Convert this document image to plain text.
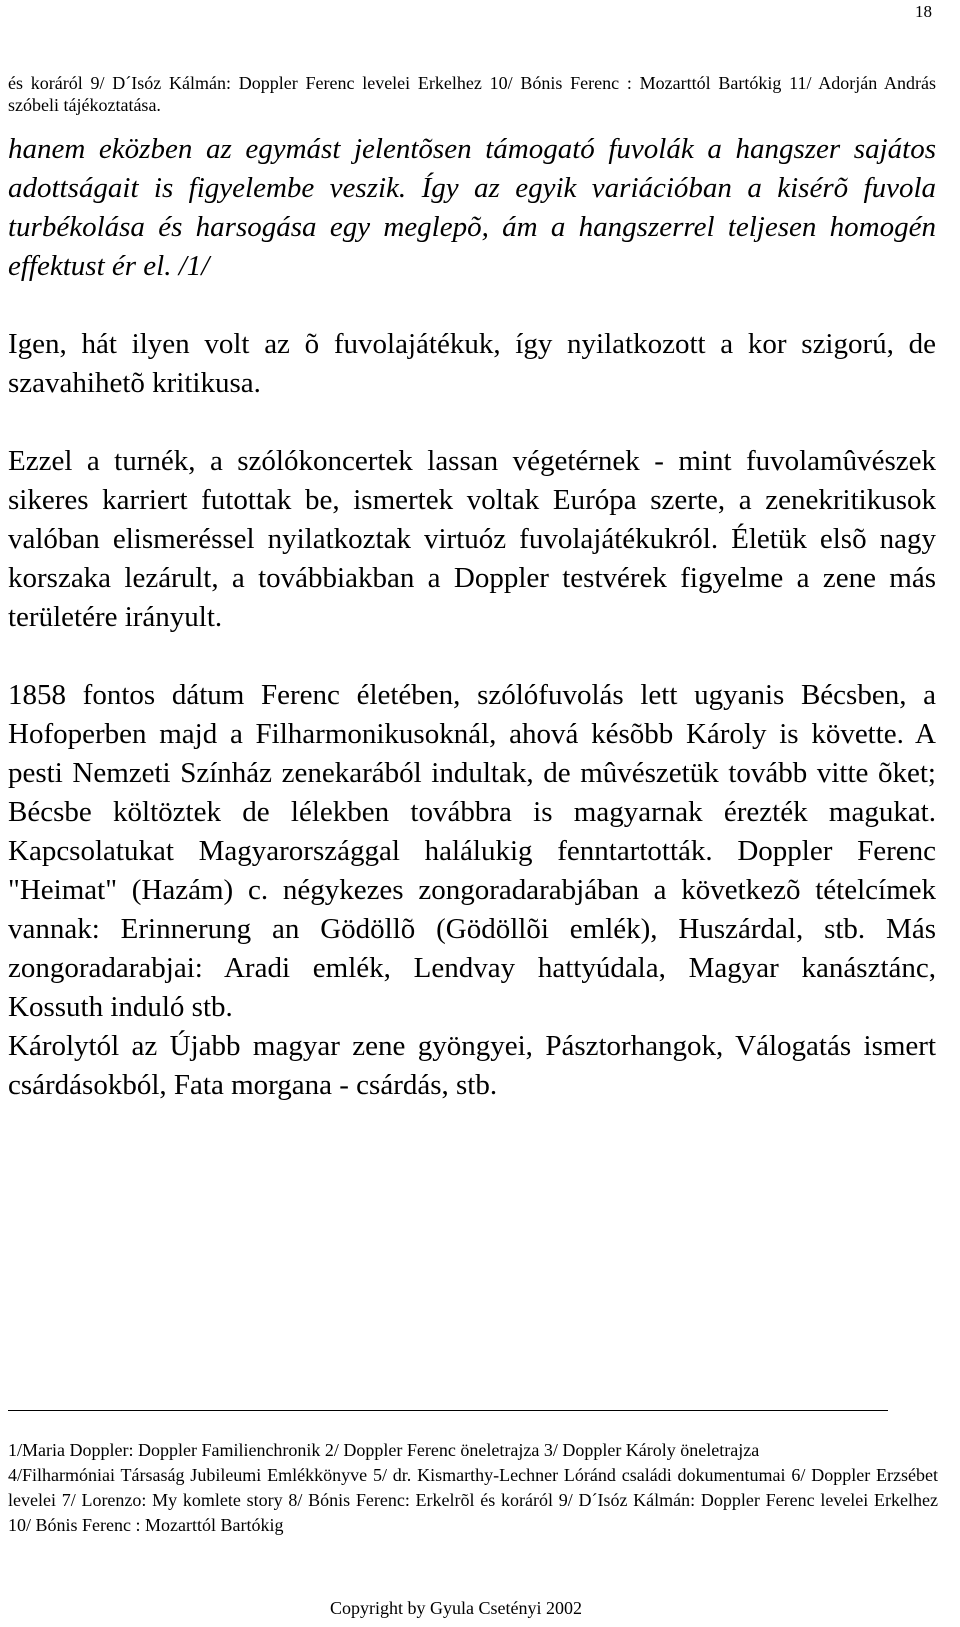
18
és koráról 9/ D´Isóz Kálmán: Doppler Ferenc levelei Erkelhez 10/ Bónis Ferenc : Mozarttól Bartókig 11/ Adorján András szóbeli tájékoztatása.

hanem eközben az egymást jelentõsen támogató fuvolák a hangszer sajátos adottságait is figyelembe veszik. Így az egyik variációban a kisérõ fuvola turbékolása és harsogása egy meglepõ, ám a hangszerrel teljesen homogén effektust ér el. /1/

Igen, hát ilyen volt az õ fuvolajátékuk, így nyilatkozott a kor szigorú, de szavahihetõ kritikusa.

Ezzel a turnék, a szólókoncertek lassan végetérnek - mint fuvolamûvészek sikeres karriert futottak be, ismertek voltak Európa szerte, a zenekritikusok valóban elismeréssel nyilatkoztak virtuóz fuvolajátékukról. Életük elsõ nagy korszaka lezárult, a továbbiakban a Doppler testvérek figyelme a zene más területére irányult.

1858 fontos dátum Ferenc életében, szólófuvolás lett ugyanis Bécsben, a Hofoperben majd a Filharmonikusoknál, ahová késõbb Károly is követte. A pesti Nemzeti Színház zenekarából indultak, de mûvészetük tovább vitte õket; Bécsbe költöztek de lélekben továbbra is magyarnak érezték magukat. Kapcsolatukat Magyarországgal halálukig fenntartották. Doppler Ferenc "Heimat" (Hazám) c. négykezes zongoradarabjában a következõ tételcímek vannak: Erinnerung an Gödöllõ (Gödöllõi emlék), Huszárdal, stb. Más zongoradarabjai: Aradi emlék, Lendvay hattyúdala, Magyar kanásztánc, Kossuth induló stb.

Károlytól az Újabb magyar zene gyöngyei, Pásztorhangok, Válogatás ismert csárdásokból, Fata morgana - csárdás, stb.

1/Maria Doppler: Doppler Familienchronik 2/ Doppler Ferenc öneletrajza 3/ Doppler Károly öneletrajza

4/Filharmóniai Társaság Jubileumi Emlékkönyve 5/ dr. Kismarthy-Lechner Lóránd családi dokumentumai 6/ Doppler Erzsébet levelei 7/ Lorenzo: My komlete story 8/ Bónis Ferenc: Erkelrõl és koráról 9/ D´Isóz Kálmán: Doppler Ferenc levelei Erkelhez 10/ Bónis Ferenc : Mozarttól Bartókig

Copyright by Gyula Csetényi 2002
